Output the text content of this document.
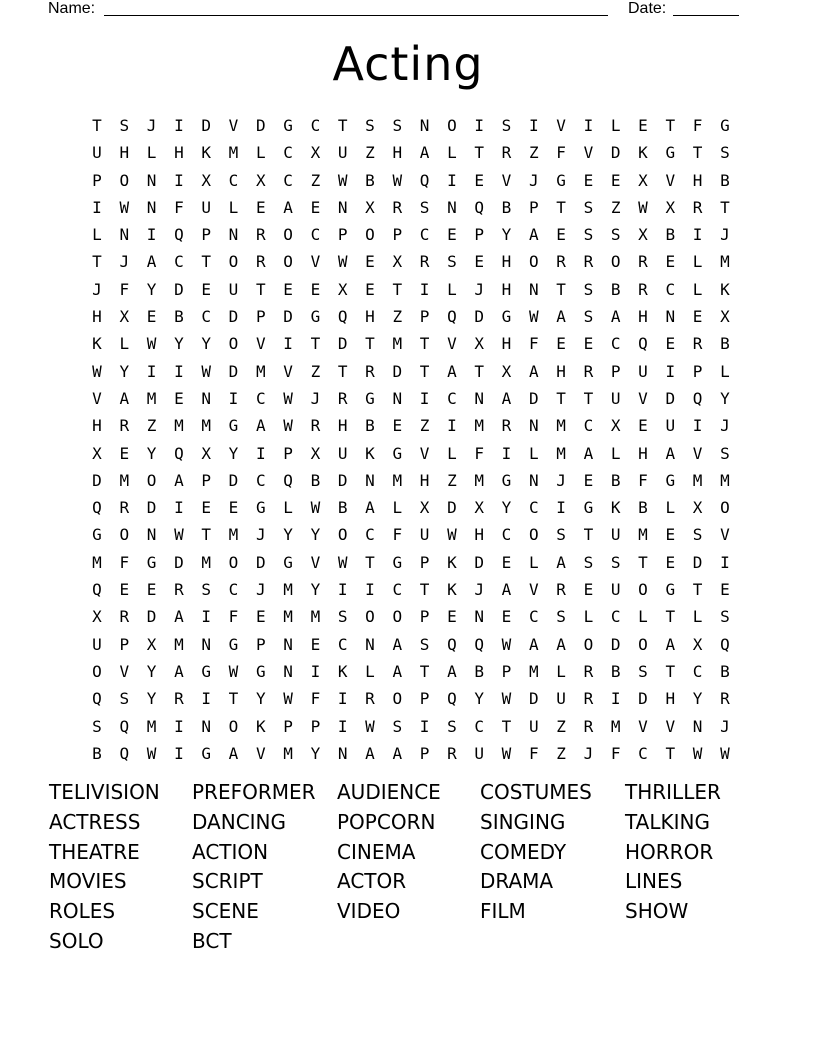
Name:	Date:
Acting
T	S	J	I	D	V	D	G	C	T	S	S	N	O	I	S	I	V	I	L	E	T	F	G
U	H	L	H	K	M	L	C	X	U	Z	H	A	L	T	R	Z	F	V	D	K	G	T	S
P	O	N	I	X	C	X	C	Z	W	B	W	Q	I	E	V	J	G	E	E	X	V	H	B
I	W	N	F	U	L	E	A	E	N	X	R	S	N	Q	B	P	T	S	Z	W	X	R	T
L	N	I	Q	P	N	R	O	C	P	O	P	C	E	P	Y	A	E	S	S	X	B	I	J
T	J	A	C	T	O	R	O	V	W	E	X	R	S	E	H	O	R	R	O	R	E	L	M
J	F	Y	D	E	U	T	E	E	X	E	T	I	L	J	H	N	T	S	B	R	C	L	K
H	X	E	B	C	D	P	D	G	Q	H	Z	P	Q	D	G	W	A	S	A	H	N	E	X
K	L	W	Y	Y	O	V	I	T	D	T	M	T	V	X	H	F	E	E	C	Q	E	R	B
W	Y	I	I	W	D	M	V	Z	T	R	D	T	A	T	X	A	H	R	P	U	I	P	L
V	A	M	E	N	I	C	W	J	R	G	N	I	C	N	A	D	T	T	U	V	D	Q	Y
H	R	Z	M	M	G	A	W	R	H	B	E	Z	I	M	R	N	M	C	X	E	U	I	J
X	E	Y	Q	X	Y	I	P	X	U	K	G	V	L	F	I	L	M	A	L	H	A	V	S
D	M	O	A	P	D	C	Q	B	D	N	M	H	Z	M	G	N	J	E	B	F	G	M	M
Q	R	D	I	E	E	G	L	W	B	A	L	X	D	X	Y	C	I	G	K	B	L	X	O
G	O	N	W	T	M	J	Y	Y	O	C	F	U	W	H	C	O	S	T	U	M	E	S	V
M	F	G	D	M	O	D	G	V	W	T	G	P	K	D	E	L	A	S	S	T	E	D	I
Q	E	E	R	S	C	J	M	Y	I	I	C	T	K	J	A	V	R	E	U	O	G	T	E
X	R	D	A	I	F	E	M	M	S	O	O	P	E	N	E	C	S	L	C	L	T	L	S
U	P	X	M	N	G	P	N	E	C	N	A	S	Q	Q	W	A	A	O	D	O	A	X	Q
O	V	Y	A	G	W	G	N	I	K	L	A	T	A	B	P	M	L	R	B	S	T	C	B
Q	S	Y	R	I	T	Y	W	F	I	R	O	P	Q	Y	W	D	U	R	I	D	H	Y	R
S	Q	M	I	N	O	K	P	P	I	W	S	I	S	C	T	U	Z	R	M	V	V	N	J
B	Q	W	I	G	A	V	M	Y	N	A	A	P	R	U	W	F	Z	J	F	C	T	W	W
TELIVISION PREFORMER AUDIENCE COSTUMES THRILLER
ACTRESS	DANCING	POPCORN SINGING	TALKING
THEATRE	ACTION	CINEMA	COMEDY	HORROR
MOVIES	SCRIPT	ACTOR	DRAMA	LINES
ROLES	SCENE	VIDEO	FILM	SHOW
SOLO	BCT
